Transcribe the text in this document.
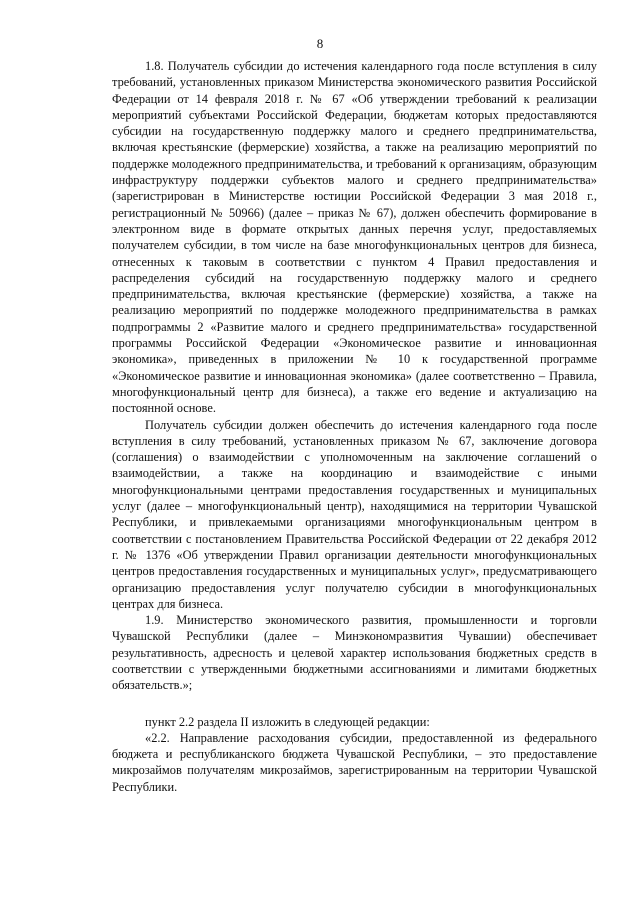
8

1.8. Получатель субсидии до истечения календарного года после вступления в силу требований, установленных приказом Министерства экономического развития Российской Федерации от 14 февраля 2018 г. № 67 «Об утверждении требований к реализации мероприятий субъектами Российской Федерации, бюджетам которых предоставляются субсидии на государственную поддержку малого и среднего предпринимательства, включая крестьянские (фермерские) хозяйства, а также на реализацию мероприятий по поддержке молодежного предпринимательства, и требований к организациям, образующим инфраструктуру поддержки субъектов малого и среднего предпринимательства» (зарегистрирован в Министерстве юстиции Российской Федерации 3 мая 2018 г., регистрационный № 50966) (далее – приказ № 67), должен обеспечить формирование в электронном виде в формате открытых данных перечня услуг, предоставляемых получателем субсидии, в том числе на базе многофункциональных центров для бизнеса, отнесенных к таковым в соответствии с пунктом 4 Правил предоставления и распределения субсидий на государственную поддержку малого и среднего предпринимательства, включая крестьянские (фермерские) хозяйства, а также на реализацию мероприятий по поддержке молодежного предпринимательства в рамках подпрограммы 2 «Развитие малого и среднего предпринимательства» государственной программы Российской Федерации «Экономическое развитие и инновационная экономика», приведенных в приложении № 10 к государственной программе «Экономическое развитие и инновационная экономика» (далее соответственно – Правила, многофункциональный центр для бизнеса), а также его ведение и актуализацию на постоянной основе.

Получатель субсидии должен обеспечить до истечения календарного года после вступления в силу требований, установленных приказом № 67, заключение договора (соглашения) о взаимодействии с уполномоченным на заключение соглашений о взаимодействии, а также на координацию и взаимодействие с иными многофункциональными центрами предоставления государственных и муниципальных услуг (далее – многофункциональный центр), находящимися на территории Чувашской Республики, и привлекаемыми организациями многофункциональным центром в соответствии с постановлением Правительства Российской Федерации от 22 декабря 2012 г. № 1376 «Об утверждении Правил организации деятельности многофункциональных центров предоставления государственных и муниципальных услуг», предусматривающего организацию предоставления услуг получателю субсидии в многофункциональных центрах для бизнеса.

1.9. Министерство экономического развития, промышленности и торговли Чувашской Республики (далее – Минэкономразвития Чувашии) обеспечивает результативность, адресность и целевой характер использования бюджетных средств в соответствии с утвержденными бюджетными ассигнованиями и лимитами бюджетных обязательств.»;

пункт 2.2 раздела II изложить в следующей редакции:

«2.2. Направление расходования субсидии, предоставленной из федерального бюджета и республиканского бюджета Чувашской Республики, – это предоставление микрозаймов получателям микрозаймов, зарегистрированным на территории Чувашской Республики.
